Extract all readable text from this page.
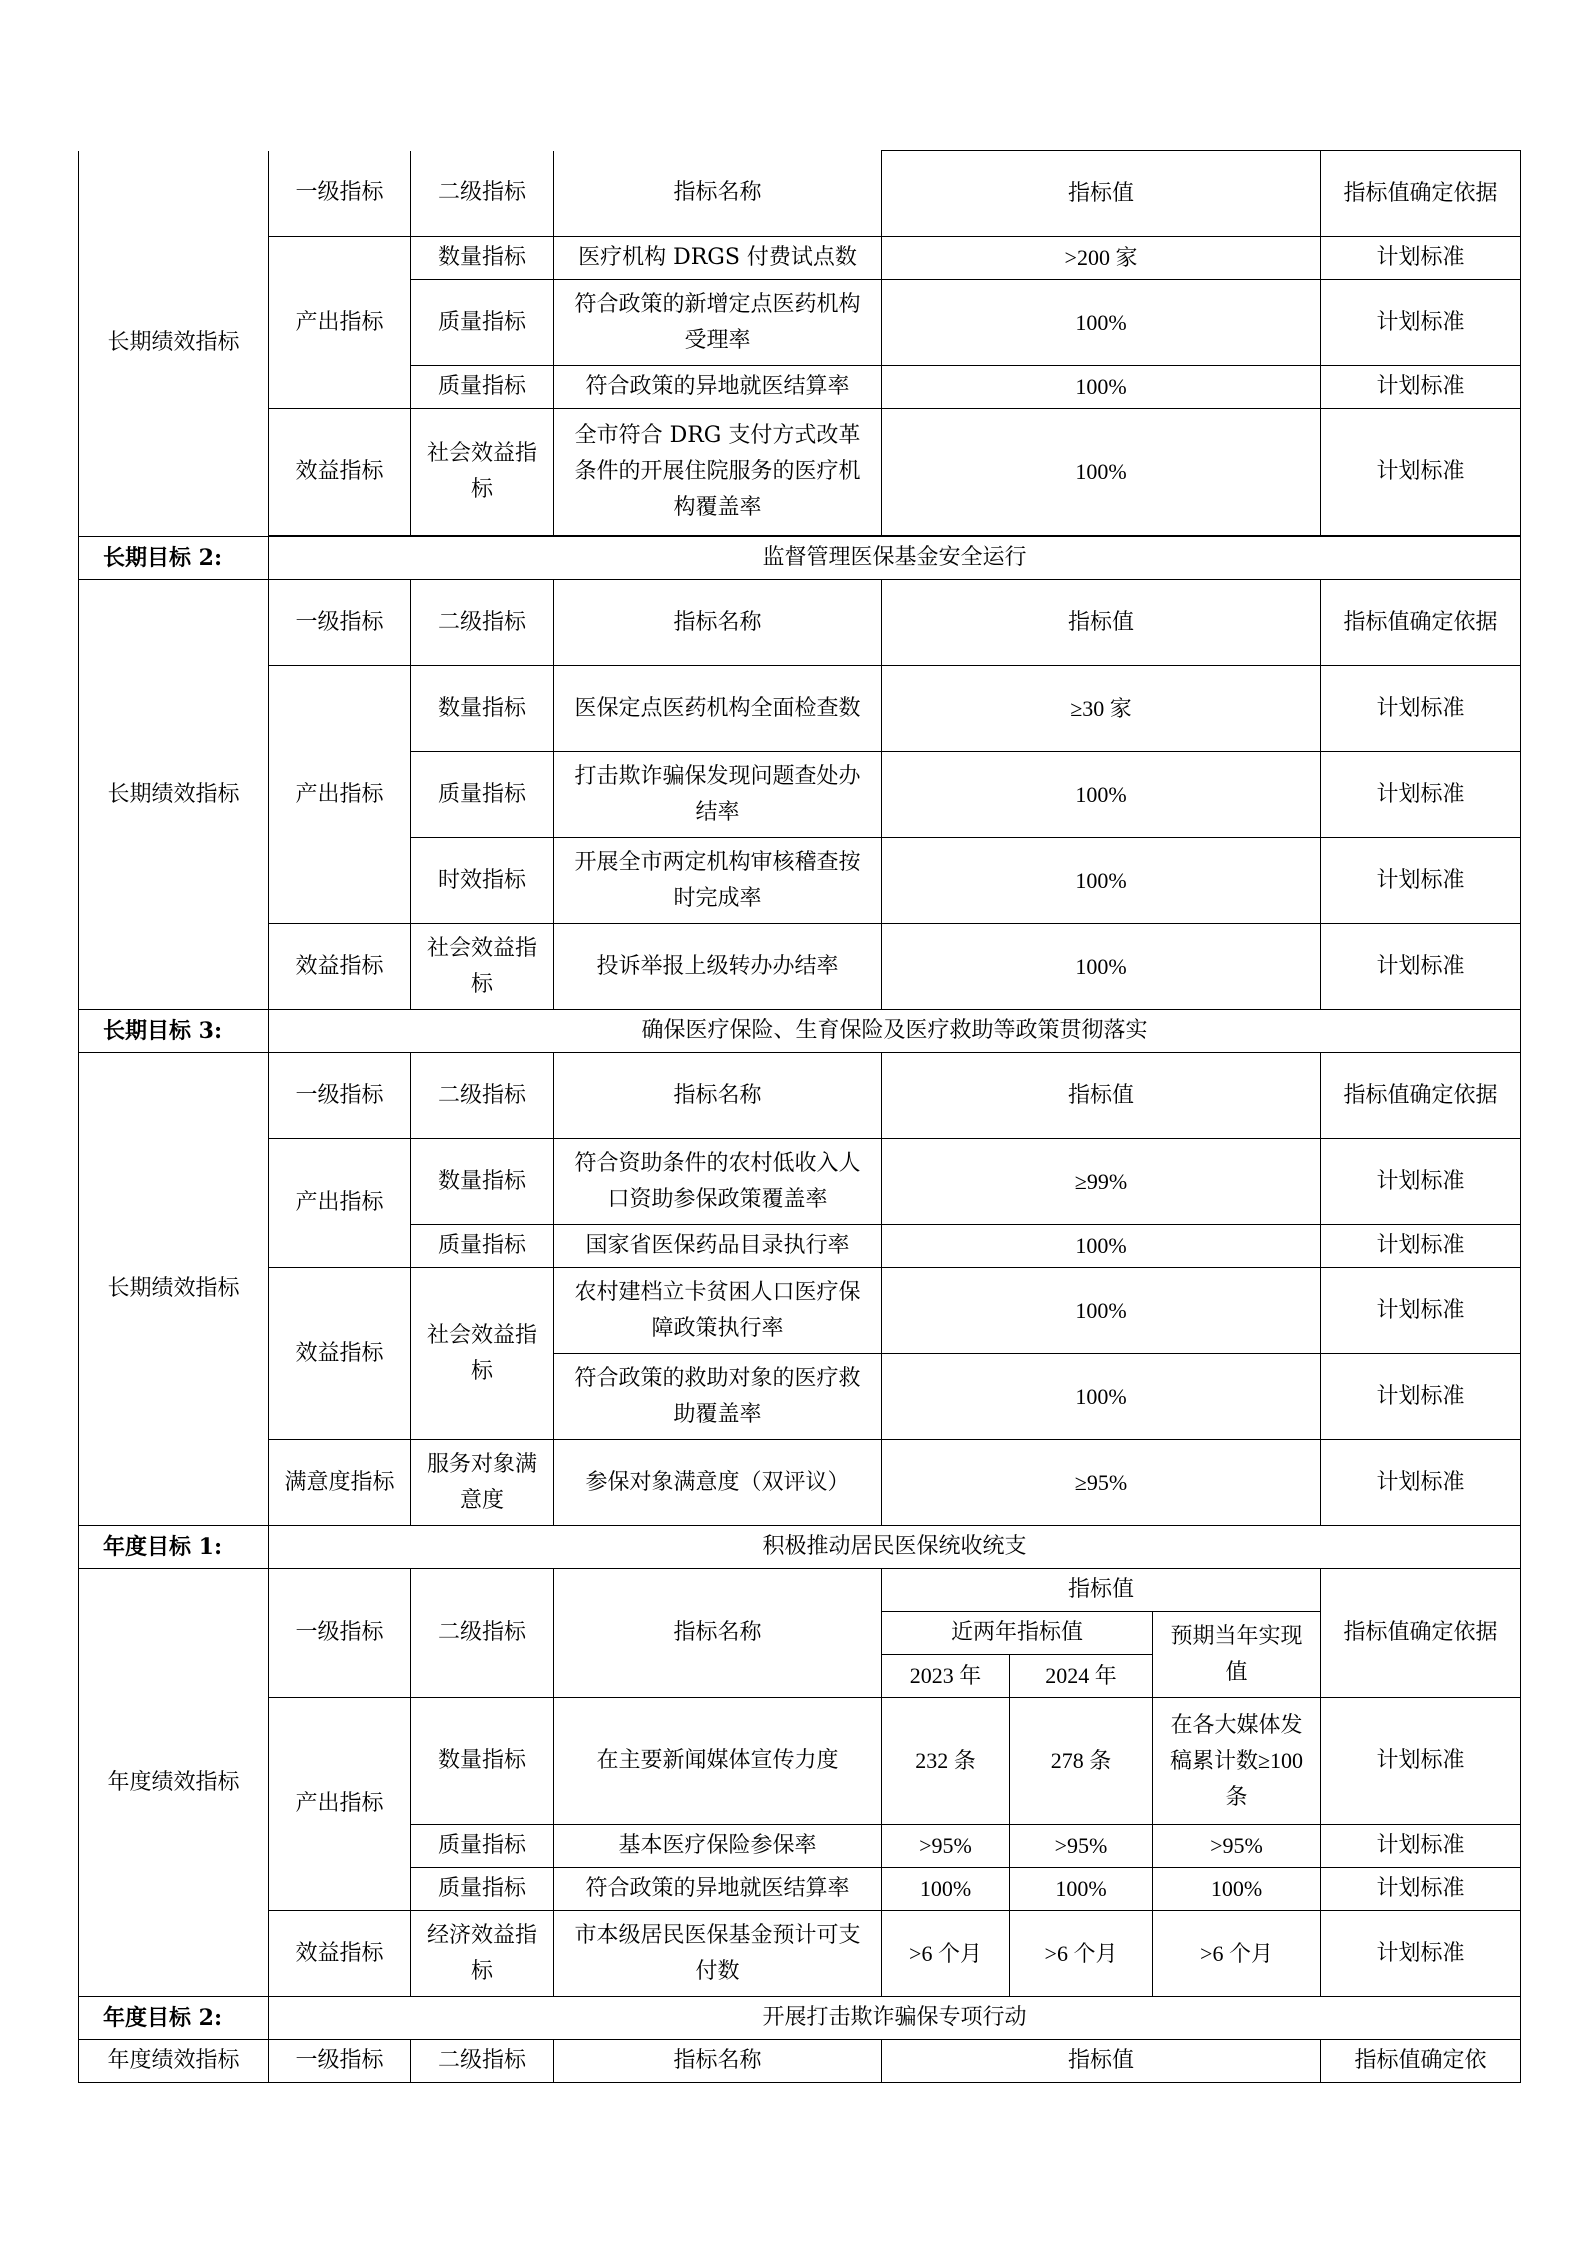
长期绩效指标	一级指标	二级指标	指标名称	指标值			指标值确定依据
	产出指标	数量指标	医疗机构 DRGS 付费试点数	>200 家			计划标准
		质量指标	符合政策的新增定点医药机构受理率	100%			计划标准
		质量指标	符合政策的异地就医结算率	100%			计划标准
	效益指标	社会效益指标	全市符合 DRG 支付方式改革条件的开展住院服务的医疗机构覆盖率	100%			计划标准

长期目标 2:	监督管理医保基金安全运行						
长期绩效指标	一级指标	二级指标	指标名称	指标值			指标值确定依据
	产出指标	数量指标	医保定点医药机构全面检查数	≥30 家			计划标准
		质量指标	打击欺诈骗保发现问题查处办结率	100%			计划标准
		时效指标	开展全市两定机构审核稽查按时完成率	100%			计划标准
	效益指标	社会效益指标	投诉举报上级转办办结率	100%			计划标准
长期目标 3:	确保医疗保险、生育保险及医疗救助等政策贯彻落实						
长期绩效指标	一级指标	二级指标	指标名称	指标值			指标值确定依据
	产出指标	数量指标	符合资助条件的农村低收入人口资助参保政策覆盖率	≥99%			计划标准
		质量指标	国家省医保药品目录执行率	100%			计划标准
	效益指标	社会效益指标	农村建档立卡贫困人口医疗保障政策执行率	100%			计划标准
			符合政策的救助对象的医疗救助覆盖率	100%			计划标准
	满意度指标	服务对象满意度	参保对象满意度（双评议）	≥95%			计划标准
年度目标 1:	积极推动居民医保统收统支						
年度绩效指标	一级指标	二级指标	指标名称	指标值			指标值确定依据
				近两年指标值		预期当年实现值	
				2023 年	2024 年		
	产出指标	数量指标	在主要新闻媒体宣传力度	232 条	278 条	在各大媒体发稿累计数≥100 条	计划标准
		质量指标	基本医疗保险参保率	>95%	>95%	>95%	计划标准
		质量指标	符合政策的异地就医结算率	100%	100%	100%	计划标准
	效益指标	经济效益指标	市本级居民医保基金预计可支付数	>6 个月	>6 个月	>6 个月	计划标准
年度目标 2:	开展打击欺诈骗保专项行动						
年度绩效指标	一级指标	二级指标	指标名称	指标值			指标值确定依
